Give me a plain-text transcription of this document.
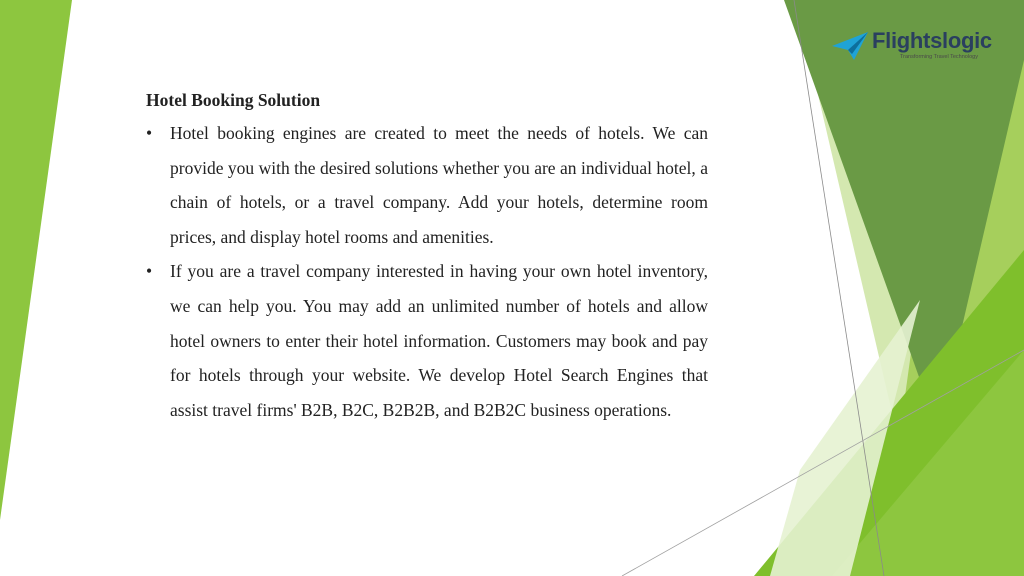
Flightslogic
Transforming Travel Technology
Hotel Booking Solution
• Hotel booking engines are created to meet the needs of hotels. We can provide you with the desired solutions whether you are an individual hotel, a chain of hotels, or a travel company. Add your hotels, determine room prices, and display hotel rooms and amenities.
• If you are a travel company interested in having your own hotel inventory, we can help you. You may add an unlimited number of hotels and allow hotel owners to enter their hotel information. Customers may book and pay for hotels through your website. We develop Hotel Search Engines that assist travel firms' B2B, B2C, B2B2B, and B2B2C business operations.
